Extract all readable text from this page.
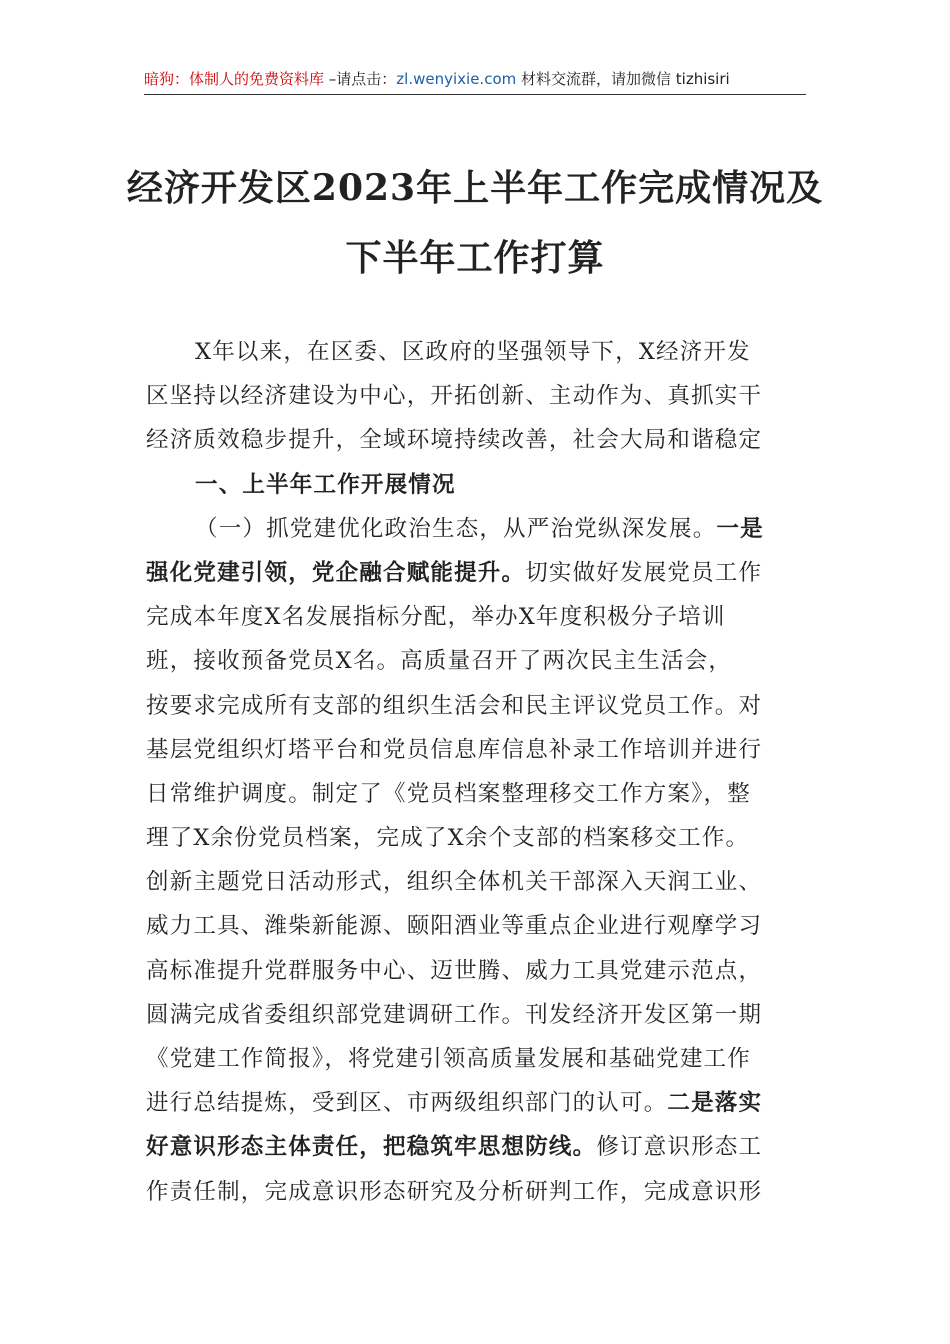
暗狗：体制人的免费资料库 –请点击：zl.wenyixie.com 材料交流群，请加微信 tizhisiri
经济开发区2023年上半年工作完成情况及
下半年工作打算
X年以来，在区委、区政府的坚强领导下，X经济开发
区坚持以经济建设为中心，开拓创新、主动作为、真抓实干
经济质效稳步提升，全域环境持续改善，社会大局和谐稳定
一、上半年工作开展情况
（一）抓党建优化政治生态，从严治党纵深发展。一是
强化党建引领，党企融合赋能提升。切实做好发展党员工作
完成本年度X名发展指标分配，举办X年度积极分子培训
班，接收预备党员X名。高质量召开了两次民主生活会，
按要求完成所有支部的组织生活会和民主评议党员工作。对
基层党组织灯塔平台和党员信息库信息补录工作培训并进行
日常维护调度。制定了《党员档案整理移交工作方案》，整
理了X余份党员档案，完成了X余个支部的档案移交工作。
创新主题党日活动形式，组织全体机关干部深入天润工业、
威力工具、潍柴新能源、颐阳酒业等重点企业进行观摩学习
高标准提升党群服务中心、迈世腾、威力工具党建示范点，
圆满完成省委组织部党建调研工作。刊发经济开发区第一期
《党建工作简报》，将党建引领高质量发展和基础党建工作
进行总结提炼，受到区、市两级组织部门的认可。二是落实
好意识形态主体责任，把稳筑牢思想防线。修订意识形态工
作责任制，完成意识形态研究及分析研判工作，完成意识形
